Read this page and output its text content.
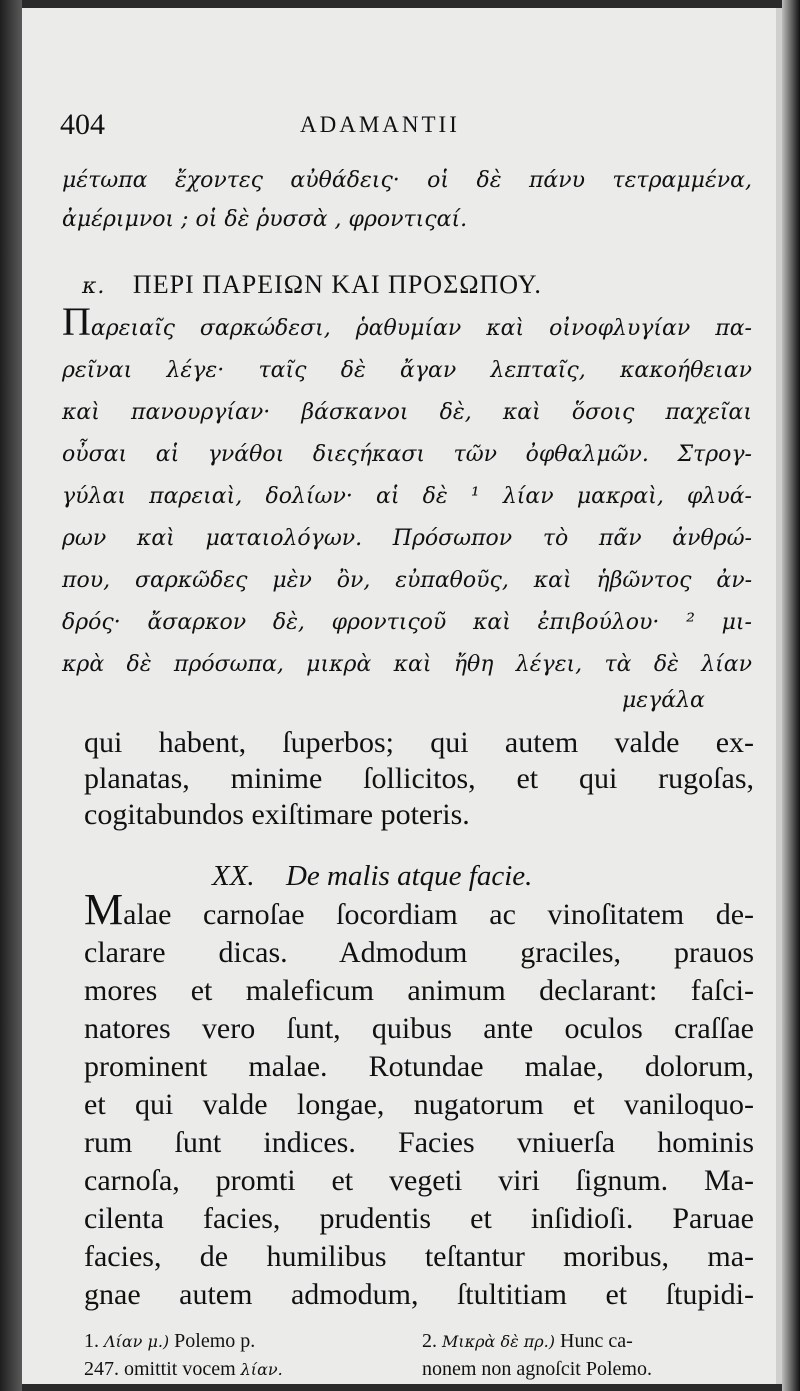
404	ADAMANTII
μέτωπα ἔχοντες αὐθάδεις· οἱ δὲ πάνυ τετραμμένα,
ἀμέριμνοι ; οἱ δὲ ῥυσσὰ , φροντιςαί.
κ. ΠΕΡΙ ΠΑΡΕΙΩΝ ΚΑΙ ΠΡΟΣΩΠΟΥ.
Παρειαῖς σαρκώδεσι, ῥαθυμίαν καὶ οἰνοφλυγίαν πα-
ρεῖναι λέγε· ταῖς δὲ ἄγαν λεπταῖς, κακοήθειαν
καὶ πανουργίαν· βάσκανοι δὲ, καὶ ὅσοις παχεῖαι
οὖσαι αἱ γνάθοι διεςήκασι τῶν ὀφθαλμῶν. Στρογ-
γύλαι παρειαὶ, δολίων· αἱ δὲ ¹ λίαν μακραὶ, φλυά-
ρων καὶ ματαιολόγων. Πρόσωπον τὸ πᾶν ἀνθρώ-
που, σαρκῶδες μὲν ὂν, εὐπαθοῦς, καὶ ἡβῶντος ἀν-
δρός· ἄσαρκον δὲ, φροντιςοῦ καὶ ἐπιβούλου· ² μι-
κρὰ δὲ πρόσωπα, μικρὰ καὶ ἤθη λέγει, τὰ δὲ λίαν
μεγάλα
qui habent, ſuperbos; qui autem valde ex-
planatas, minime ſollicitos, et qui rugoſas,
cogitabundos exiſtimare poteris.
XX. De malis atque facie.
Malae carnoſae ſocordiam ac vinoſitatem de-
clarare dicas. Admodum graciles, prauos
mores et maleficum animum declarant: faſci-
natores vero ſunt, quibus ante oculos craſſae
prominent malae. Rotundae malae, dolorum,
et qui valde longae, nugatorum et vaniloquo-
rum ſunt indices. Facies vniuerſa hominis
carnoſa, promti et vegeti viri ſignum. Ma-
cilenta facies, prudentis et inſidioſi. Paruae
facies, de humilibus teſtantur moribus, ma-
gnae autem admodum, ſtultitiam et ſtupidi-
1. Λίαν μ.) Polemo p.
247. omittit vocem λίαν.
2. Μικρὰ δὲ πρ.) Hunc ca-
nonem non agnoſcit Polemo.
